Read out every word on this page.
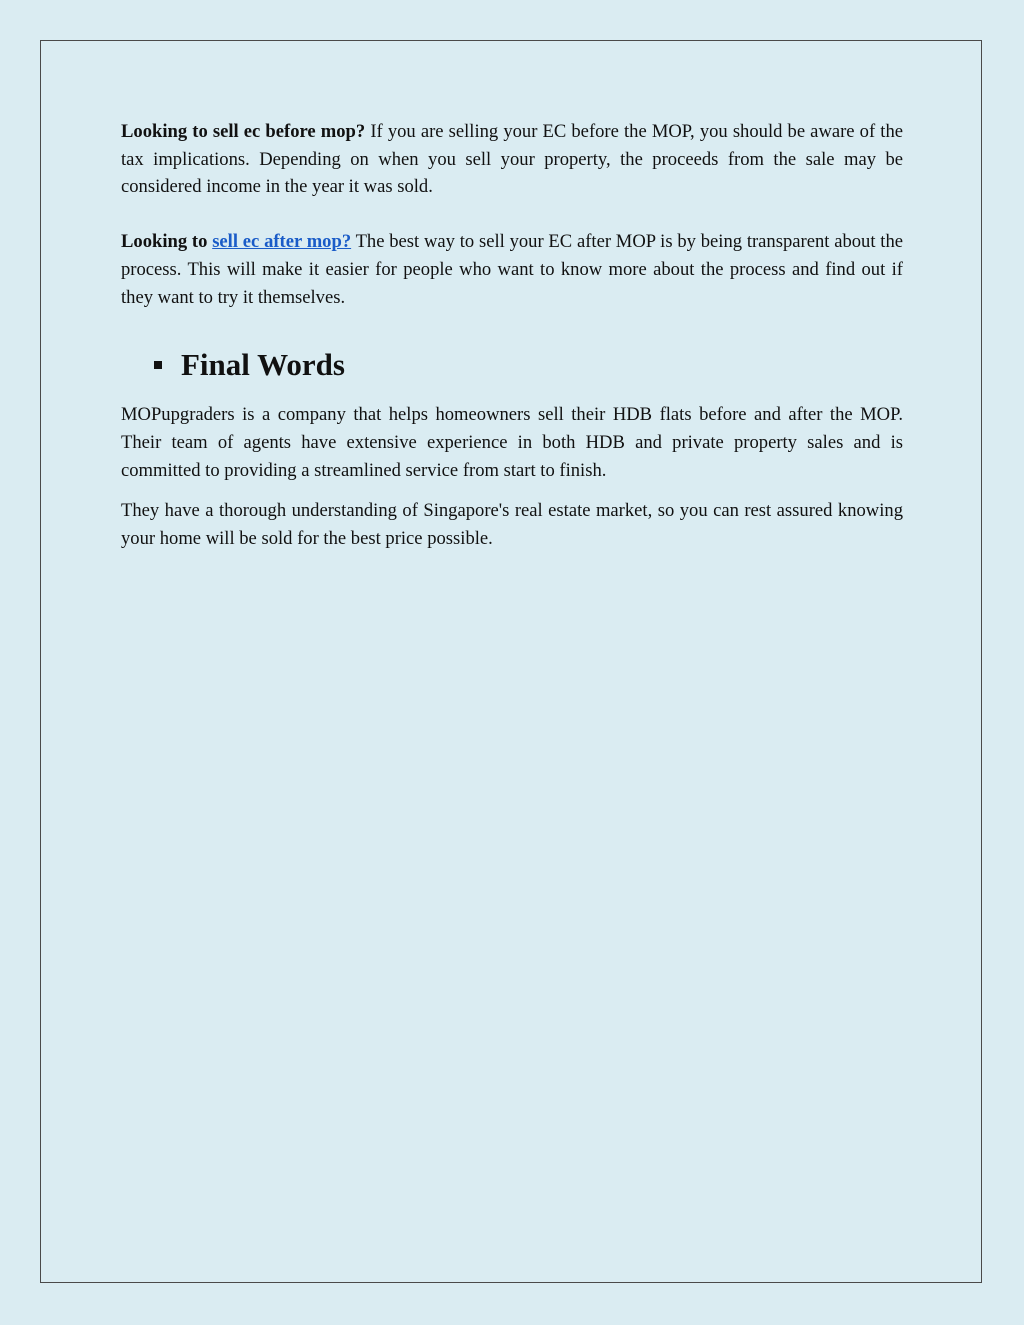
Looking to sell ec before mop? If you are selling your EC before the MOP, you should be aware of the tax implications. Depending on when you sell your property, the proceeds from the sale may be considered income in the year it was sold.

Looking to sell ec after mop? The best way to sell your EC after MOP is by being transparent about the process. This will make it easier for people who want to know more about the process and find out if they want to try it themselves.

Final Words

MOPupgraders is a company that helps homeowners sell their HDB flats before and after the MOP. Their team of agents have extensive experience in both HDB and private property sales and is committed to providing a streamlined service from start to finish.

They have a thorough understanding of Singapore's real estate market, so you can rest assured knowing your home will be sold for the best price possible.
